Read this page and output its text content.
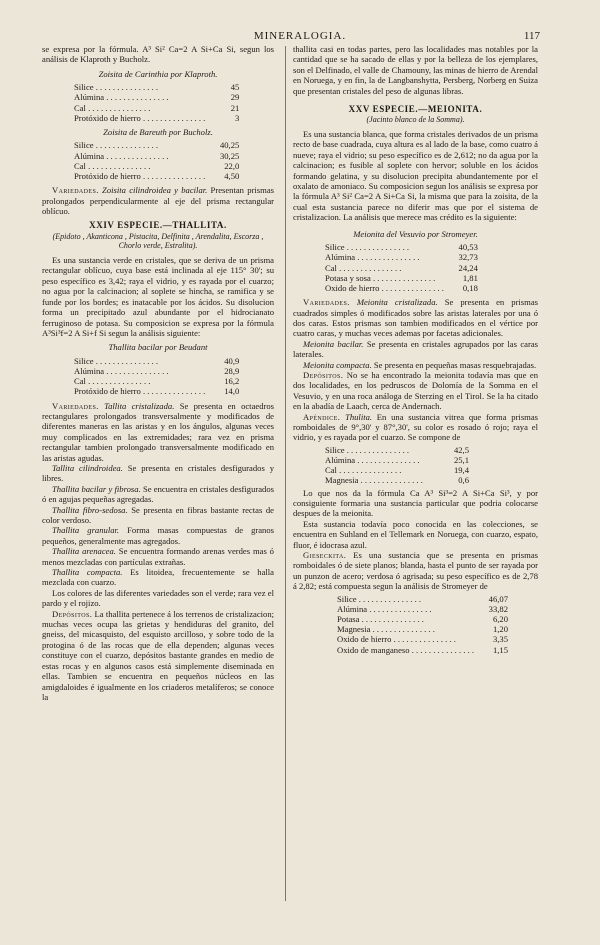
MINERALOGIA.	117

se expresa por la fórmula. A³ Si² Ca=2 A Si+Ca Si, segun los análisis de Klaproth y Bucholz.

Zoisita de Carinthia por Klaproth.
Silice . . .	45
Alúmina . . .	29
Cal . . .	21
Protóxido de hierro . . .	3
Zoisita de Bareuth por Bucholz.
Silice . . .	40,25
Alúmina . . .	30,25
Cal . . .	22,0
Protóxido de hierro . . .	4,50

Variedades. Zoisita cilindroidea y bacilar. Presentan prismas prolongados perpendicularmente al eje del prisma rectangular oblícuo.

XXIV ESPECIE.—THALLITA.
(Epidoto , Akanticona , Pistacita, Delfinita , Arendalita, Escorza , Chorlo verde, Estralita).

Es una sustancia verde en cristales, que se deriva de un prisma rectangular oblícuo, cuya base está inclinada al eje 115° 30'; su peso específico es 3,42; raya el vidrio, y es rayada por el cuarzo; no agua por la calcinacion; al soplete se hincha, se ramifica y se funde por los bordes; es inatacable por los ácidos. Su disolucion forma un precipitado azul abundante por el hidrocianato ferruginoso de potasa. Su composicion se expresa por la fórmula A³Si³f=2 A Si+f Si segun la análisis siguiente:

Thallita bacilar por Beudant
Silice . . .	40,9
Alúmina . . .	28,9
Cal . . .	16,2
Protóxido de hierro . . .	14,0

Variedades. Tallita cristalizada. Se presenta en octaedros rectangulares prolongados transversalmente y modificados de diferentes maneras en las aristas y en los ángulos, algunas veces muy complicados en las extremidades; rara vez en prisma rectangular tambien prolongado transversalmente modificado en las aristas agudas.

Tallita cilindroidea. Se presenta en cristales desfigurados y libres.

Thallita bacilar y fibrosa. Se encuentra en cristales desfigurados ó en agujas pequeñas agregadas.

Thallita fibro-sedosa. Se presenta en fibras bastante rectas de color verdoso.

Thallita granular. Forma masas compuestas de granos pequeños, generalmente mas agregados.

Thallita arenacea. Se encuentra formando arenas verdes mas ó menos mezcladas con partículas extrañas.

Thallita compacta. Es litoidea, frecuentemente se halla mezclada con cuarzo.

Los colores de las diferentes variedades son el verde; rara vez el pardo y el rojizo.

Depósitos. La thallita pertenece á los terrenos de cristalizacion; muchas veces ocupa las grietas y hendiduras del granito, del gneiss, del micasquisto, del esquisto arcilloso, y sobre todo de la protogina ó de las rocas que de ella dependen; algunas veces constituye con el cuarzo, depósitos bastante grandes en medio de estas rocas y en algunos casos está simplemente diseminada en ellas. Tambien se encuentra en pequeños núcleos en las amigdaloides é igualmente en los criaderos metalíferos; se conoce la

thallita casi en todas partes, pero las localidades mas notables por la cantidad que se ha sacado de ellas y por la belleza de los ejemplares, son el Delfinado, el valle de Chamouny, las minas de hierro de Arendal en Noruega, y en fin, la de Langbanshytta, Persberg, Norberg en Suiza que presentan cristales del peso de algunas libras.

XXV ESPECIE.—MEIONITA.
(Jacinto blanco de la Somma).

Es una sustancia blanca, que forma cristales derivados de un prisma recto de base cuadrada, cuya altura es al lado de la base, como cuatro á nueve; raya el vidrio; su peso específico es de 2,612; no da agua por la calcinacion; es fusible al soplete con hervor; soluble en los ácidos formando gelatina, y su disolucion precipita abundantemente por el oxalato de amoniaco. Su composicion segun los análisis se expresa por la fórmula A³ Si² Ca=2 A Si+Ca Si, la misma que para la zoisita, de la cual esta sustancia parece no diferir mas que por el sistema de cristalizacion. La análisis que merece mas crédito es la siguiente:

Meionita del Vesuvio por Stromeyer.
Silice . . .	40,53
Alúmina . . .	32,73
Cal . . .	24,24
Potasa y sosa . . .	1,81
Oxido de hierro . . .	0,18

Variedades. Meionita cristalizada. Se presenta en prismas cuadrados simples ó modificados sobre las aristas laterales por una ó dos caras. Estos prismas son tambien modificados en el vértice por cuatro caras, y muchas veces ademas por facetas adicionales.

Meionita bacilar. Se presenta en cristales agrupados por las caras laterales.

Meionita compacta. Se presenta en pequeñas masas resquebrajadas.

Depósitos. No se ha encontrado la meionita todavía mas que en dos localidades, en los pedruscos de Dolomía de la Somma en el Vesuvio, y en una roca análoga de Sterzing en el Tirol. Se la ha citado en la abadía de Laach, cerca de Andernach.

Apéndice. Thulita. En una sustancia vitrea que forma prismas romboidales de 9°,30' y 87°,30', su color es rosado ó rojo; raya el vidrio, y es rayada por el cuarzo. Se compone de

Silice . . .	42,5
Alúmina . . .	25,1
Cal . . .	19,4
Magnesia . . .	0,6

Lo que nos da la fórmula Ca A³ Si³=2 A Si+Ca Si³, y por consiguiente formaria una sustancia particular que podria colocarse despues de la meionita.

Esta sustancia todavía poco conocida en las colecciones, se encuentra en Suhland en el Tellemark en Noruega, con cuarzo, espato, fluor, é idocrasa azul.

Gieseckita. Es una sustancia que se presenta en prismas romboidales ó de siete planos; blanda, hasta el punto de ser rayada por un punzon de acero; verdosa ó agrisada; su peso específico es de 2,78 á 2,82; está compuesta segun la análisis de Stromeyer de

Silice . . .	46,07
Alúmina . . .	33,82
Potasa . . .	6,20
Magnesia . . .	1,20
Oxido de hierro . . .	3,35
Oxido de manganeso . . .	1,15
